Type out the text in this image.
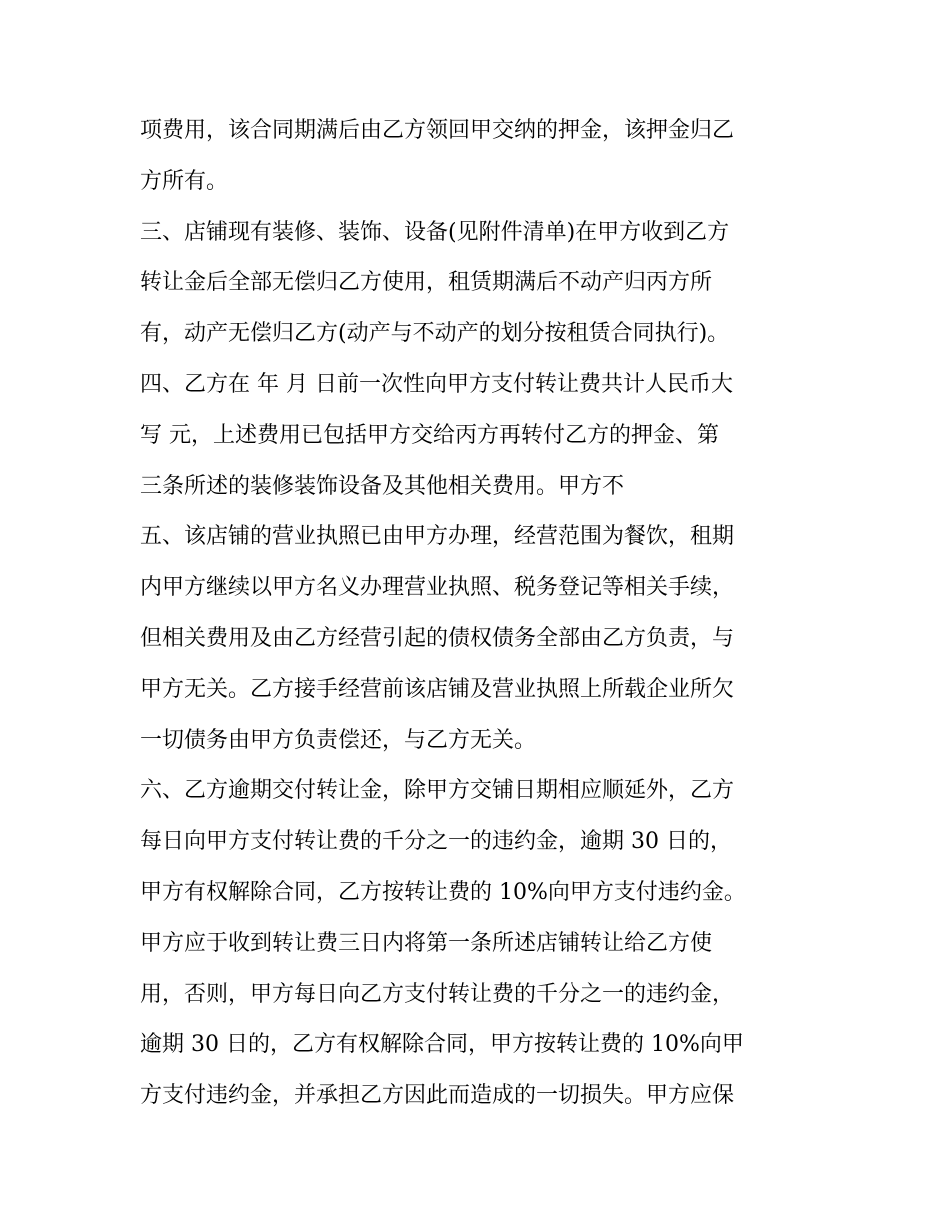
项费用，该合同期满后由乙方领回甲交纳的押金，该押金归乙
方所有。
三、店铺现有装修、装饰、设备(见附件清单)在甲方收到乙方
转让金后全部无偿归乙方使用，租赁期满后不动产归丙方所
有，动产无偿归乙方(动产与不动产的划分按租赁合同执行)。
四、乙方在 年 月 日前一次性向甲方支付转让费共计人民币大
写 元，上述费用已包括甲方交给丙方再转付乙方的押金、第
三条所述的装修装饰设备及其他相关费用。甲方不
五、该店铺的营业执照已由甲方办理，经营范围为餐饮，租期
内甲方继续以甲方名义办理营业执照、税务登记等相关手续，
但相关费用及由乙方经营引起的债权债务全部由乙方负责，与
甲方无关。乙方接手经营前该店铺及营业执照上所载企业所欠
一切债务由甲方负责偿还，与乙方无关。
六、乙方逾期交付转让金，除甲方交铺日期相应顺延外，乙方
每日向甲方支付转让费的千分之一的违约金，逾期 30 日的，
甲方有权解除合同，乙方按转让费的 10%向甲方支付违约金。
甲方应于收到转让费三日内将第一条所述店铺转让给乙方使
用，否则，甲方每日向乙方支付转让费的千分之一的违约金，
逾期 30 日的，乙方有权解除合同，甲方按转让费的 10%向甲
方支付违约金，并承担乙方因此而造成的一切损失。甲方应保
